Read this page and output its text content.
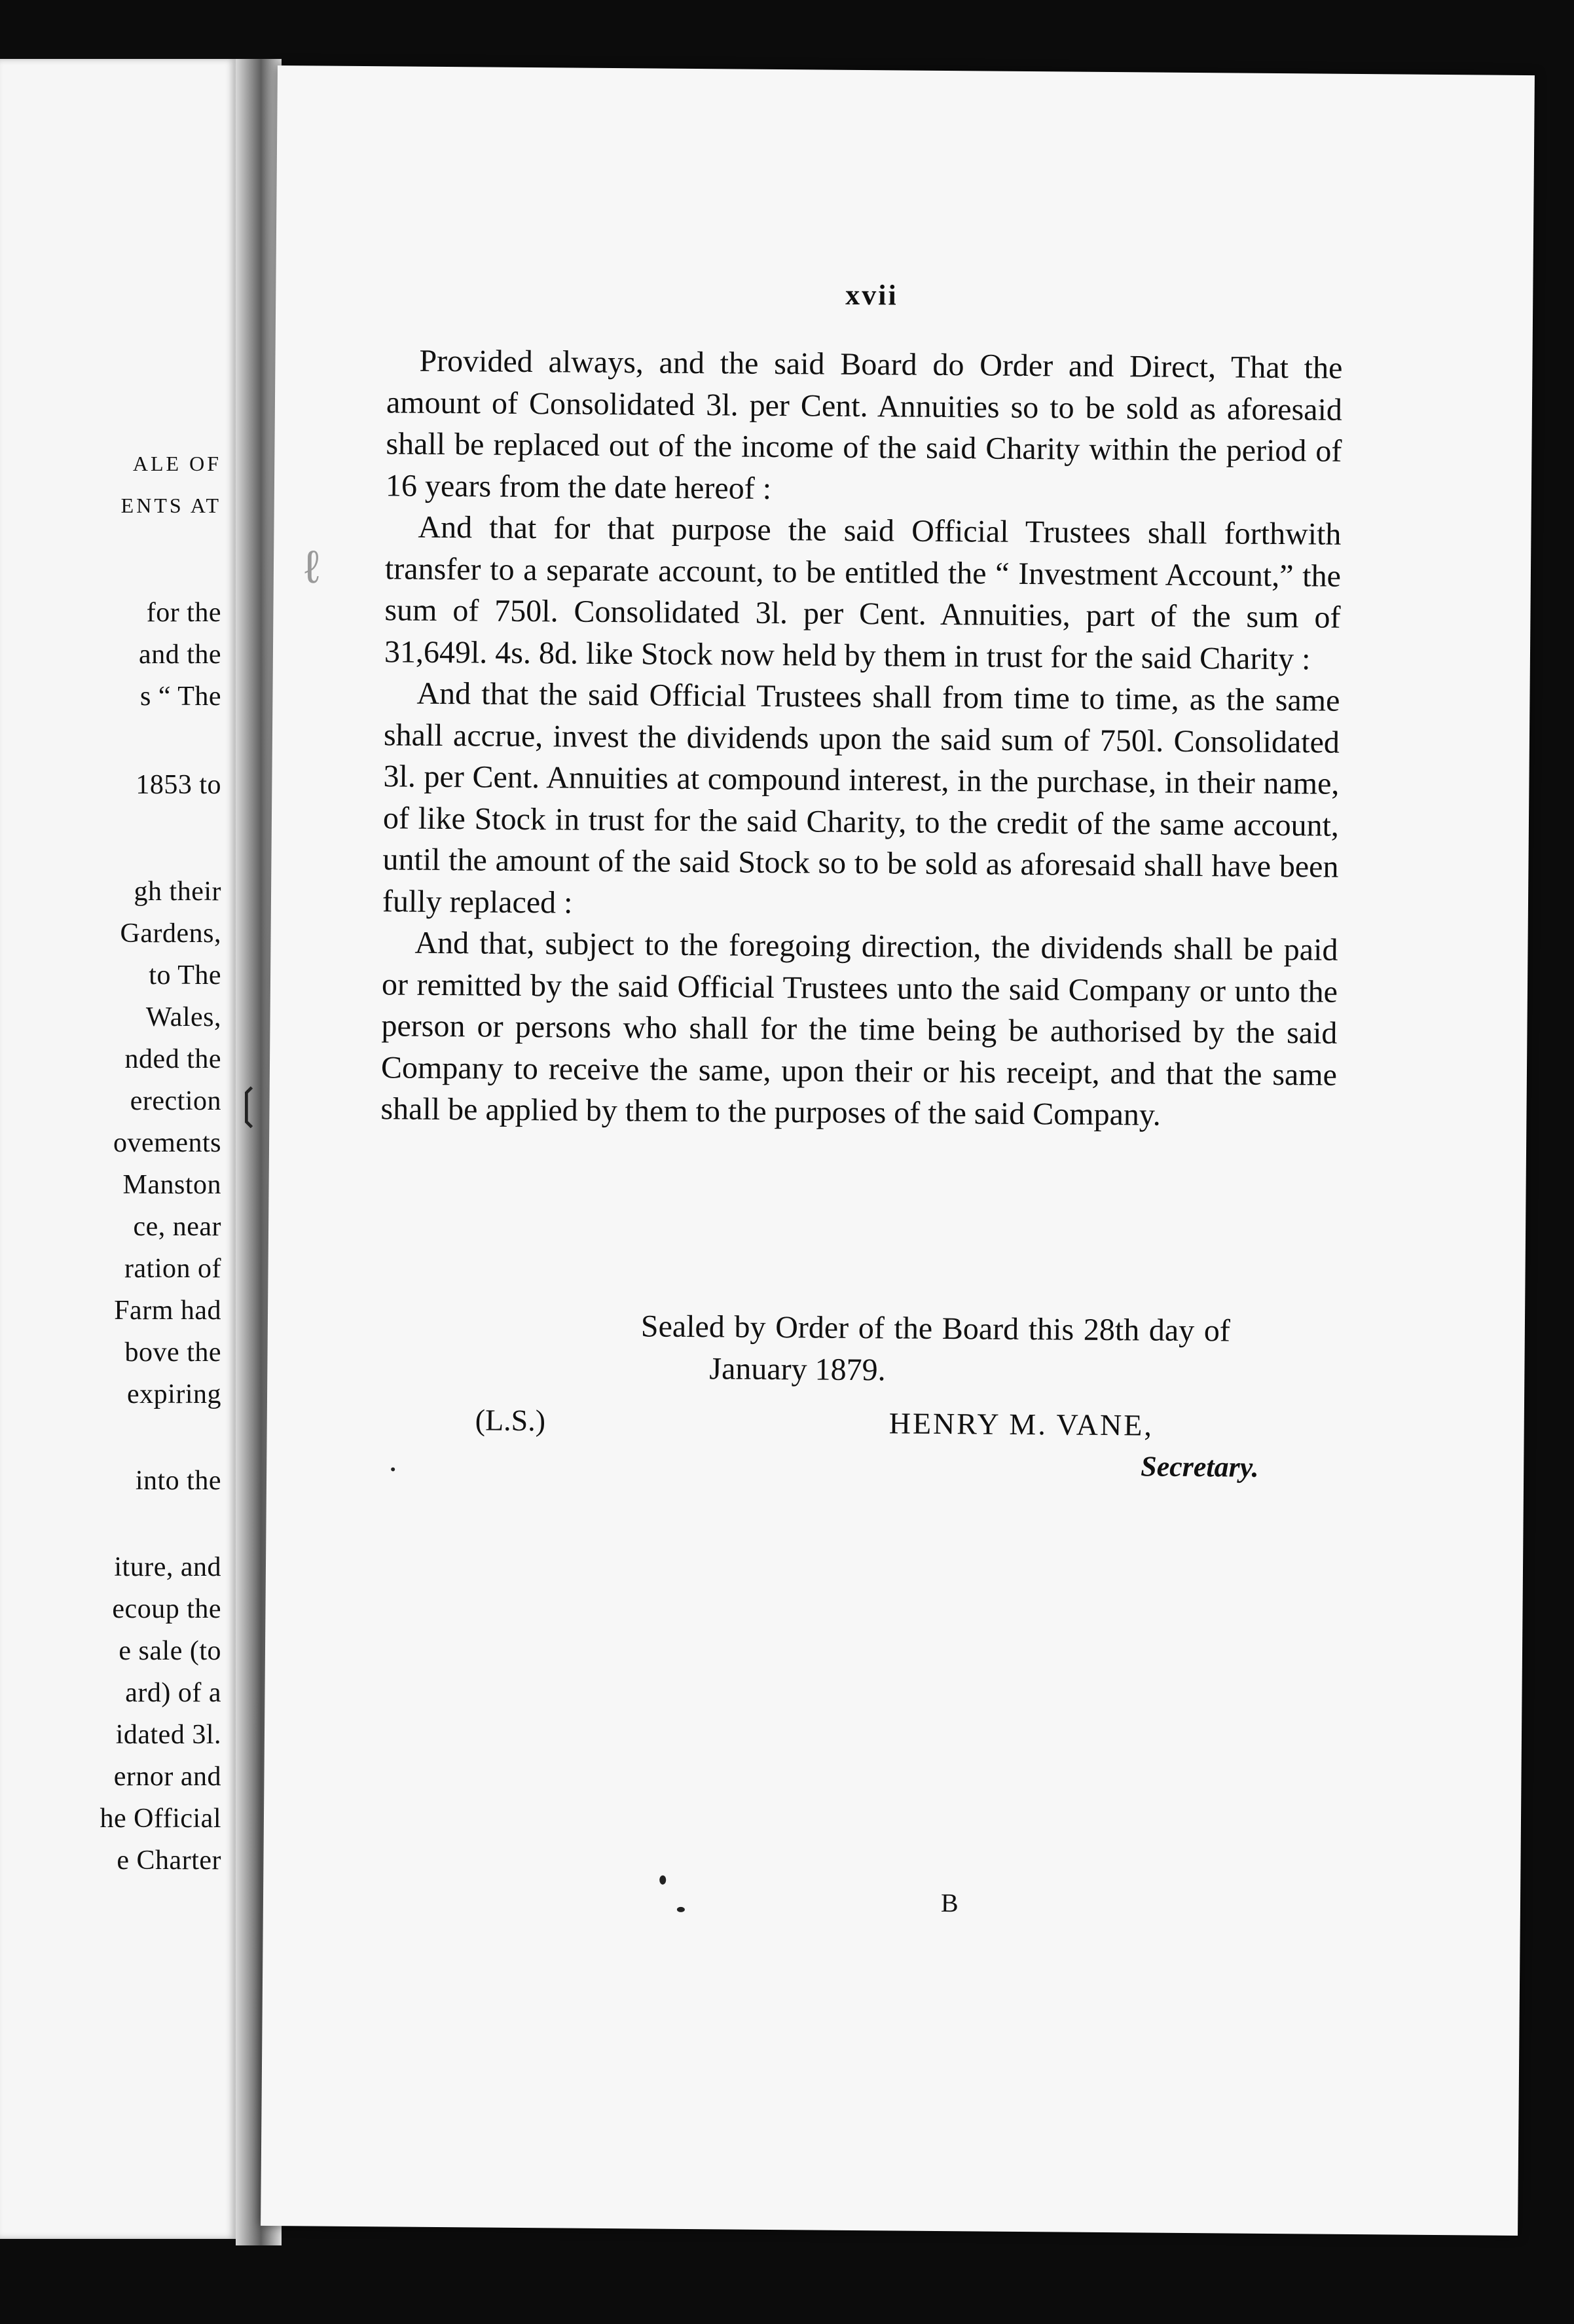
ALE OF
ENTS AT
for the
and the
s “ The
1853 to
gh their
Gardens,
to The
Wales,
nded the
erection
ovements
Manston
ce, near
ration of
Farm had
bove the
expiring
into the
iture, and
ecoup the
e sale (to
ard) of a
idated 3l.
ernor and
he Official
e Charter
xvii

Provided always, and the said Board do Order and Direct, That the amount of Consolidated 3l. per Cent. Annuities so to be sold as aforesaid shall be replaced out of the income of the said Charity within the period of 16 years from the date hereof :

And that for that purpose the said Official Trustees shall forthwith transfer to a separate account, to be entitled the “ Investment Account,” the sum of 750l. Consolidated 3l. per Cent. Annuities, part of the sum of 31,649l. 4s. 8d. like Stock now held by them in trust for the said Charity :

And that the said Official Trustees shall from time to time, as the same shall accrue, invest the dividends upon the said sum of 750l. Consolidated 3l. per Cent. Annuities at compound interest, in the purchase, in their name, of like Stock in trust for the said Charity, to the credit of the same account, until the amount of the said Stock so to be sold as aforesaid shall have been fully replaced :

And that, subject to the foregoing direction, the dividends shall be paid or remitted by the said Official Trustees unto the said Company or unto the person or persons who shall for the time being be authorised by the said Company to receive the same, upon their or his receipt, and that the same shall be applied by them to the purposes of the said Company.

Sealed by Order of the Board this 28th day of
January 1879.
(L.S.)	HENRY M. VANE,
Secretary.
B
ℓ
❲
